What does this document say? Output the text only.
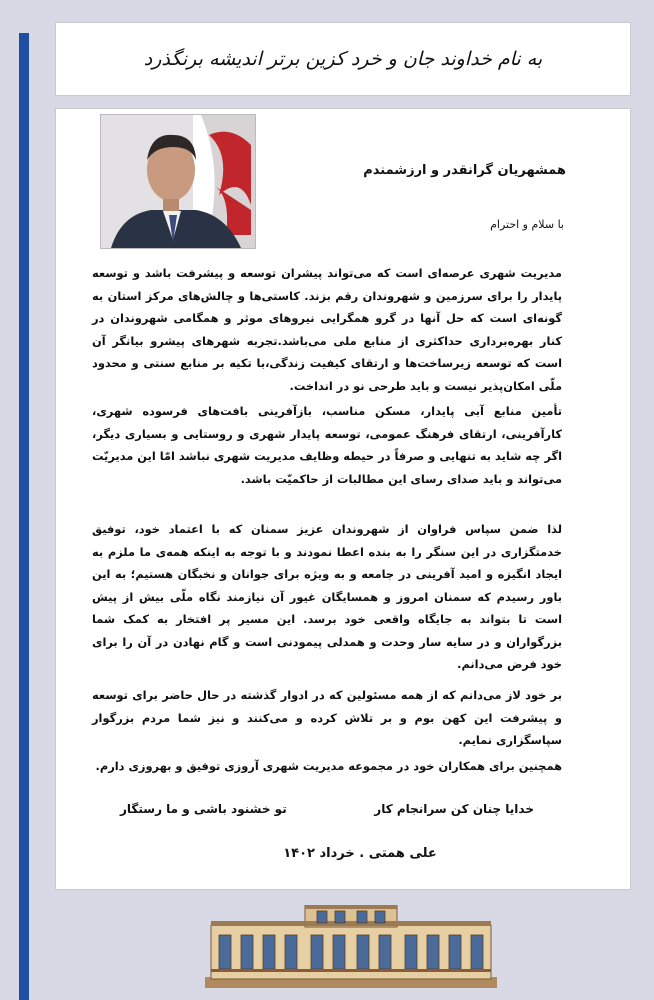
به نام خداوند جان و خرد کزین برتر اندیشه برنگذرد
همشهریان گرانقدر و ارزشمندم
با سلام و احترام
مدیریت شهری عرصه‌ای است که می‌تواند پیشران توسعه و پیشرفت باشد و توسعه پایدار را برای سرزمین و شهروندان رقم بزند. کاستی‌ها و چالش‌های مرکز استان به گونه‌ای است که حل آنها در گرو همگرایی نیروهای موثر و همگامی شهروندان در کنار بهره‌برداری حداکثری از منابع ملی می‌باشد.تجربه شهرهای پیشرو بیانگر آن است که توسعه زیرساخت‌ها و ارتقای کیفیت زندگی،با تکیه بر منابع سنتی و محدود ملّی امکان‌پذیر نیست و باید طرحی نو در انداخت.
تأمین منابع آبی پایدار، مسکن مناسب، بازآفرینی بافت‌های فرسوده شهری، کارآفرینی، ارتقای فرهنگ عمومی، توسعه پایدار شهری و روستایی و بسیاری دیگر، اگر چه شاید به تنهایی و صرفاً در حیطه وظایف مدیریت شهری نباشد امّا این مدیریّت می‌تواند و باید صدای رسای این مطالبات از حاکمیّت باشد.
لذا ضمن سپاس فراوان از شهروندان عزیز سمنان که با اعتماد خود، توفیق خدمتگزاری در این سنگر را به بنده اعطا نمودند و با توجه به اینکه همه‌ی ما ملزم به ایجاد انگیزه و امید آفرینی در جامعه و به ویژه برای جوانان و نخبگان هستیم؛ به این باور رسیدم که سمنان امروز و همسایگان غیور آن نیازمند نگاه ملّی بیش از پیش است تا بتواند به جایگاه واقعی خود برسد. این مسیر پر افتخار به کمک شما بزرگواران و در سایه سار وحدت و همدلی پیمودنی است و گام نهادن در آن را برای خود فرض می‌دانم.
بر خود لاز می‌دانم که از همه مسئولین که در ادوار گذشته در حال حاضر برای توسعه و پیشرفت این کهن بوم و بر تلاش کرده و می‌کنند و نیز شما مردم بزرگوار سپاسگزاری نمایم.
همچنین برای همکاران خود در مجموعه مدیریت شهری آروزی توفیق و بهروزی دارم.
خدایا چنان کن سرانجام کار
تو خشنود باشی و ما رستگار
علی همتی . خرداد ۱۴۰۲
